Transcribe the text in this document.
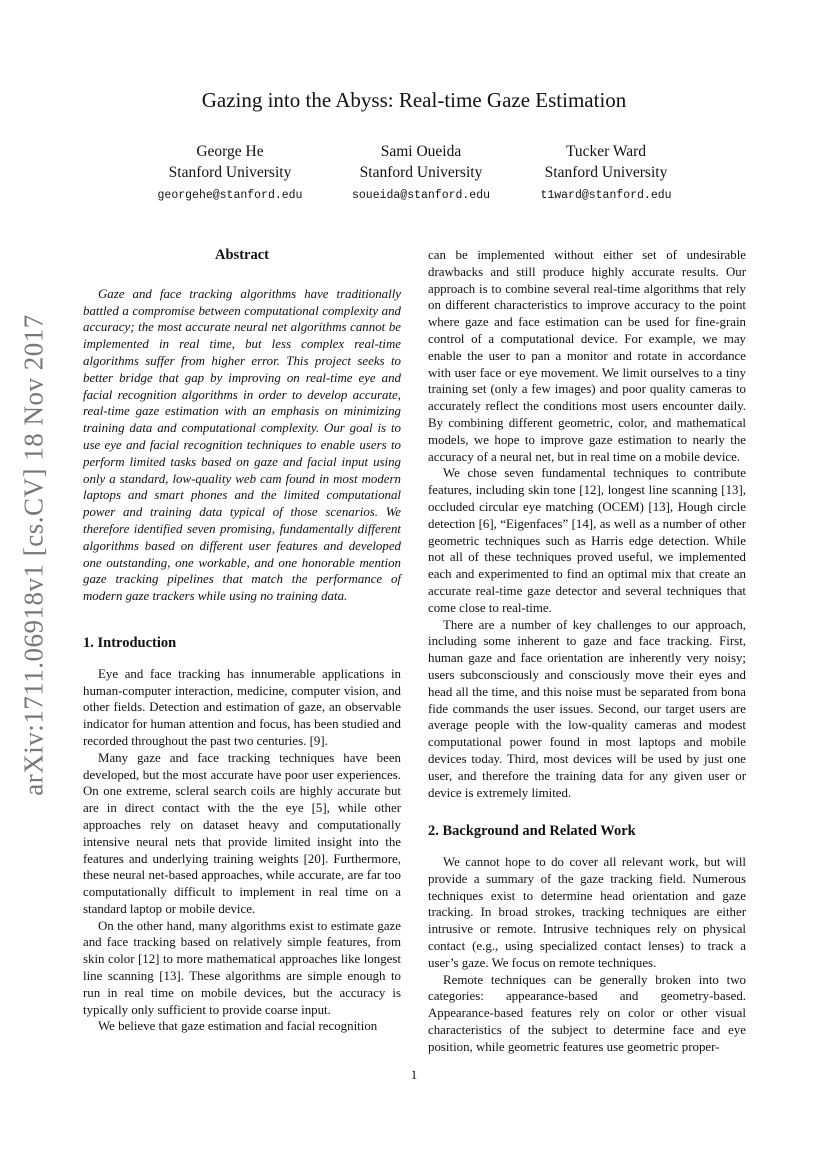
arXiv:1711.06918v1 [cs.CV] 18 Nov 2017
Gazing into the Abyss: Real-time Gaze Estimation
George He
Stanford University
georgehe@stanford.edu
Sami Oueida
Stanford University
soueida@stanford.edu
Tucker Ward
Stanford University
t1ward@stanford.edu
Abstract

Gaze and face tracking algorithms have traditionally battled a compromise between computational complexity and accuracy; the most accurate neural net algorithms cannot be implemented in real time, but less complex real-time algorithms suffer from higher error. This project seeks to better bridge that gap by improving on real-time eye and facial recognition algorithms in order to develop accurate, real-time gaze estimation with an emphasis on minimizing training data and computational complexity. Our goal is to use eye and facial recognition techniques to enable users to perform limited tasks based on gaze and facial input using only a standard, low-quality web cam found in most modern laptops and smart phones and the limited computational power and training data typical of those scenarios. We therefore identified seven promising, fundamentally different algorithms based on different user features and developed one outstanding, one workable, and one honorable mention gaze tracking pipelines that match the performance of modern gaze trackers while using no training data.

1. Introduction

Eye and face tracking has innumerable applications in human-computer interaction, medicine, computer vision, and other fields. Detection and estimation of gaze, an observable indicator for human attention and focus, has been studied and recorded throughout the past two centuries. [9].

Many gaze and face tracking techniques have been developed, but the most accurate have poor user experiences. On one extreme, scleral search coils are highly accurate but are in direct contact with the the eye [5], while other approaches rely on dataset heavy and computationally intensive neural nets that provide limited insight into the features and underlying training weights [20]. Furthermore, these neural net-based approaches, while accurate, are far too computationally difficult to implement in real time on a standard laptop or mobile device.

On the other hand, many algorithms exist to estimate gaze and face tracking based on relatively simple features, from skin color [12] to more mathematical approaches like longest line scanning [13]. These algorithms are simple enough to run in real time on mobile devices, but the accuracy is typically only sufficient to provide coarse input.

We believe that gaze estimation and facial recognition

can be implemented without either set of undesirable drawbacks and still produce highly accurate results. Our approach is to combine several real-time algorithms that rely on different characteristics to improve accuracy to the point where gaze and face estimation can be used for fine-grain control of a computational device. For example, we may enable the user to pan a monitor and rotate in accordance with user face or eye movement. We limit ourselves to a tiny training set (only a few images) and poor quality cameras to accurately reflect the conditions most users encounter daily. By combining different geometric, color, and mathematical models, we hope to improve gaze estimation to nearly the accuracy of a neural net, but in real time on a mobile device.

We chose seven fundamental techniques to contribute features, including skin tone [12], longest line scanning [13], occluded circular eye matching (OCEM) [13], Hough circle detection [6], “Eigenfaces” [14], as well as a number of other geometric techniques such as Harris edge detection. While not all of these techniques proved useful, we implemented each and experimented to find an optimal mix that create an accurate real-time gaze detector and several techniques that come close to real-time.

There are a number of key challenges to our approach, including some inherent to gaze and face tracking. First, human gaze and face orientation are inherently very noisy; users subconsciously and consciously move their eyes and head all the time, and this noise must be separated from bona fide commands the user issues. Second, our target users are average people with the low-quality cameras and modest computational power found in most laptops and mobile devices today. Third, most devices will be used by just one user, and therefore the training data for any given user or device is extremely limited.

2. Background and Related Work

We cannot hope to do cover all relevant work, but will provide a summary of the gaze tracking field. Numerous techniques exist to determine head orientation and gaze tracking. In broad strokes, tracking techniques are either intrusive or remote. Intrusive techniques rely on physical contact (e.g., using specialized contact lenses) to track a user’s gaze. We focus on remote techniques.

Remote techniques can be generally broken into two categories: appearance-based and geometry-based. Appearance-based features rely on color or other visual characteristics of the subject to determine face and eye position, while geometric features use geometric proper-

1
